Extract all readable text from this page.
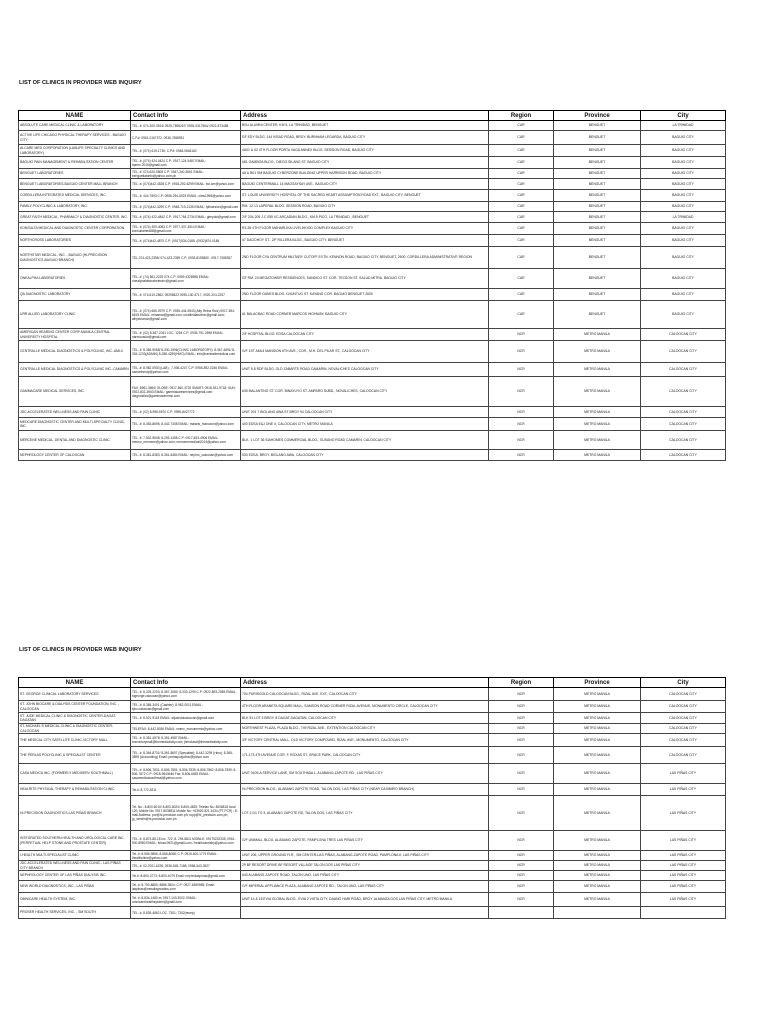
LIST OF CLINICS IN PROVIDER WEB INQUIRY
NAME	Contact Info	Address	Region	Province	City
ABSOLUTE CARE MEDICAL CLINIC & LABORATORY	TEL. #: 074-309-3914/ 0929-7895267/ 0935-9317964/ 0922-873488	BSU ALUMNI CENTER, KM 5, LA TRINIDAD, BENGUET	CAR	BENGUET	LA TRINIDAD
ACTIVE LIFE CHICAGO PHYSICAL THERAPY SERVICES - BAGUIO CITY	C.P.#: 0961-0167372, 0936-7658951	GF EDY BLDG. 144 KISAD ROAD, BRGY. BURNHAM LEGARDA, BAGUIO CITY	CAR	BENGUET	BAGUIO CITY
ALCARE MED CORPORATION (LABLIFE SPECIALTY CLINICS AND LABORATORY)	TEL. #: (074) 619-1736; C.P.#: 0948-0646162	4A01 & 02 4TH FLOOR PORTA VAGA ANNEX BLDG. SESSION ROAD, BAGUIO CITY	CAR	BENGUET	BAGUIO CITY
BAGUIO PAIN MANAGEMENT & REHABILITATION CENTER	TEL. #: (074) 424-0424 C.P: 0917-124-9487 EMAIL: bpmrc.2015@gmail.com	#81 GAMBOA BLDG., DIEGO SILANG ST. BAGUIO CITY	CAR	BENGUET	BAGUIO CITY
BENGUET LABORATORIES	TEL. #: 074-620-0808 C.P: 0947-340-3661 EMAIL: benguetlabinfo@yahoo.com.ph	4A & B01 SM BAGUIO CYBERZONE BUILDING UPPER HARRISON ROAD, BAGUIO CITY	CAR	BENGUET	BAGUIO CITY
BENGUET LABORATORIES-BAGUIO CENTER MALL BRANCH	TEL. #: (074)442-4528 C.P: 0916-292-6299 EMAIL: bcl.cm@yahoo.com	BAGUIO CENTERMALL 14 MAGSAYSAY AVE., BAGUIO CITY	CAR	BENGUET	BAGUIO CITY
CORDILLERA INTEGRATED MEDICAL SERVICES, INC.	TEL. #: 444-7693 C.P: 0956-294-6025 EMAIL: cims1998@yahoo.com	ST. LOUIS UNIVERSITY HOSPITAL OF THE SACRED HEART ASSUMPTION ROAD EXT., BAGUIO CITY, BENGUET	CAR	BENGUET	BAGUIO CITY
FAMILY POLYCLINIC & LABORATORY, INC.	TEL. #: (074)442-3299 C.P: 0948-719-2135 EMAIL: fplbaesion@gmail.com	RM. 12-13 LAPERAL BLDG. SESSION ROAD, BAGUIO CITY	CAR	BENGUET	BAGUIO CITY
GREAT FAITH MEDICAL, PHARMACY & DIAGNOSTIC CENTER, INC.	TEL. #: (074) 422-4842 C.P: 0917-764-2734 EMAIL: gfmpdci@gmail.com	2/F 204-205 J.C 055 VC ARCADIAN BLDG., KM.5 PICO, LA TRINIDAD , BENGUET	CAR	BENGUET	LA TRINIDAD
KONSULTA MEDICAL AND DIAGNOSTIC CENTER CORPORATION	TEL. #: (074) 309-4083 C.P: 0977-337-4510 EMAIL: konsultamed88@gmail.com	R1-35 4TH FLOOR MAHARLIKA LIVELIHOOD COMPLEX BAGUIO CITY	CAR	BENGUET	BAGUIO CITY
NORTHCROSS LABORATORIES	TEL. #: (074)442-4870 C.P: (0917)534-0185, (0932)874-0186	#7 DAGOHOY ST., 2/F RILLERA BLDG., BAGUIO CITY, BENGUET	CAR	BENGUET	BAGUIO CITY
NORTHSTAR MEDICAL, INC. - BAGUIO (HI-PRECISION DIAGNOSTICS-BAGUIO BRANCH)	TEL.074-423-2358/ 074-423-2359 C.P: 0933-8193880 ; 0917-7085357	2ND FLOOR CYA CENTRUM MILITARY CUTOFF EXTN. KENNON ROAD, BAGUIO CITY, BENGUET, 2600, CORDILLERA ADMINISTRATIVE REGION	CAR	BENGUET	BAGUIO CITY
ONEALPHA LABORATORIES	TEL. #: (74) 661-2225 074 C.P: 0909-4328958 EMAIL: onealphalaboratoriesinc@gmail.com	GF RM. 20 MEGATOWER RESIDENCES, SANDICO ST. COR. TECSON ST. SALUD MITRA, BAGUIO CITY	CAR	BENGUET	BAGUIO CITY
QA DIAGNOSTIC LABORATORY	TEL. #: 074-619-2862, 09298422 0935-130-4717, 0920-203-2257	2ND FLOOR DANES BLDG. CHUNTUG ST. KAYANG COR. BAGUIO BENGUET 2600	CAR	BENGUET	BAGUIO CITY
URR ALLIED LABORATORY CLINIC	TEL. #: (074) 665-0979 C.P: 0935-444-9543 (Atty Reina Ruiz) 0917-594-6615 EMAIL: reinamar@gmail.com; urralliedlabclinic@gmail.com; alhyeinaruiz@gmail.com	#1 BALACBAC ROAD CORNER MARCOS HIGHWAY, BAGUIO CITY	CAR	BENGUET	BAGUIO CITY
AMERICAN HEARING CENTER CORP-MANILA CENTRAL UNIVERSITY HOSPITAL	TEL. #: (02) 8-367-2031 LOC. 1254 C.P: 0935-791-2698 EMAIL: narmocasio@gmail.com	2/F HOSPITAL BLDG. EDSA CALOOCAN CITY	NCR	METRO MANILA	CALOOCAN CITY
CENTRALLE MEDICAL DIAGNOSTICS & POLYCLINIC, INC.-AMLII	TEL. #: 8-366-9068/ 8-330-1596(CLINIC LABORATORY); 8-367-4691/ 8-334-1233(ADMIN) 8-288-4259(HMO) EMAIL: info@centrallemedical.com	G/F 1ST AMLII MANSION 6TH AVE., COR., M.H. DEL PILAR ST., CALOOCAN CITY	NCR	METRO MANILA	CALOOCAN CITY
CENTRALLE MEDICAL DIAGNOSTICS & POLYCLINIC INC.-CAMARIN	TEL. #: 8-962-0930 (LAB) ; 7-006-4207 C.P: 0955-892-0246 EMAIL: camarinmdp@yahoo.com	UNIT 5-8 RDF BLDG. OLD ZABARTE ROAD CAMARIN, NOVALICHES CALOOCAN CITY	NCR	METRO MANILA	CALOOCAN CITY
GAMMACARE MEDICAL SERVICES, INC.	FAX: 8961-3664/ GLOBE: 0917-560-3725 SMART: 0918-931-9718; SUN: 0922-831-3963 EMAIL: gammacareservices@gmail.com; diagnostics@gammacaremsi.com	635 MALANTING ST. COR. BINAYUYO ST. AMPARO SUBD., NOVALICHES, CALOOCAN CITY	NCR	METRO MANILA	CALOOCAN CITY
JDC ACCELERATED WELLNESS AND PAIN CLINIC	TEL. #: (02) 8-998-5570 C.P: 0995-8427772	UNIT 201 7 BIGLANG AWA ST BRGY 94 CALOOCAN CITY	NCR	METRO MANILA	CALOOCAN CITY
MEDCARE DIAGNOSTIC CENTER AND MULTI-SPECIALTY CLINIC, INC.	TEL. #: 8-363-8696; 8-442-7308 EMAIL: malaris_manuzon@yahoo.com	400 EDSA E&J ONE II, CALOOCAN CITY, METRO MANILA	NCR	METRO MANILA	CALOOCAN CITY
MERCENE MEDICAL, DENTAL AND DIAGNOSTIC CLINIC	TEL. #: 7-502-9648; 8-293-1458 C.P: 0917-833-4906 EMAIL: mermz_mercene@yahoo.com; mercenemedical2014@yahoo.com	BLK. 1 LOT 36 SIAHOMES COMMERCIAL BLDG., SUSANO ROAD CAMARIN, CALOOCAN CITY	NCR	METRO MANILA	CALOOCAN CITY
NEPHROLOGY CENTER OF CALOOCAN	TEL. #: 8-361-8383; 8-361-8484 EMAIL: nephro_caloocan@yahoo.com	533 EDSA, BRGY. BIGLANG AWA, CALOOCAN CITY	NCR	METRO MANILA	CALOOCAN CITY
LIST OF CLINICS IN PROVIDER WEB INQUIRY
NAME	Contact Info	Address	Region	Province	City
ST. GEORGE CLINICAL LABORATORY SERVICES	TEL. #: 8-325-2203; 8-367-3083; 8-330-1299 C.P: 0922-893-2085 EMAIL: stgeorge.caloocan@yahoo.com	704 PURISGOLD CALOOCAN BLDG., RIZAL AVE. EXT., CALOOCAN CITY	NCR	METRO MANILA	CALOOCAN CITY
ST. JOHN BIOCARE & DIALYSIS CENTER FOUNDATION, INC. - CALOOCAN	TEL. #: 8-365-3401 (Cashier); 8-962-0011 EMAIL: sjbc.caloocan@gmail.com	4TH FLOOR ARANETA SQUARE MALL, SAMSON ROAD CORNER RIZAL AVENUE, MONUMENTO CIRCLE, CALOOCAN CITY	NCR	METRO MANILA	CALOOCAN CITY
ST. JUDE MEDICAL CLINIC & DIAGNOSTIC CENTER-DAGAT-DAGATAN	TEL. #: 8-921-9118 EMAIL: stjudeddcaloocan@gmail.com	BLK 51 LOT 3 BRGY. 8 DAGAT-DAGATAN, CALOOCAN CITY	NCR	METRO MANILA	CALOOCAN CITY
ST. MICHAEL'S MEDICAL CLINIC & DIAGNOSTIC CENTER- CALOOCAN	TELEFAX: 8-442-8036 EMAIL: smmc_monumento@yahoo.com	NORTHWEST PLAZA, PLAZA BLDG., 749 RIZAL AVE., EXTENTION CALOOCAN CITY	NCR	METRO MANILA	CALOOCAN CITY
THE MEDICAL CITY SATELLITE CLINIC-VICTORY MALL	TEL. #: 8-351-4978; 8-351-4987 EMAIL: tmcvictorymall@themedicalcity.com; jhmiclasd@themedicalcity.com	3/F VICTORY CENTRAL MALL, OLD VICTORY COMPOUND, RIZAL AVE., MONUMENTO, CALOOCAN CITY	NCR	METRO MANILA	CALOOCAN CITY
THE PERLAS POLYCLINIC & SPECIALIST CENTER	TEL. #: 8-364-8731/ 8-361-8607 (Specialist); 8-442-3295 (Hmo); 8-365-3895 (Accounting) Email: perlaspolyclinic@yahoo.com	171-173 4TH AVENUE COR. F. ROXAS ST. GRACE PARK, CALOOCAN CITY	NCR	METRO MANILA	CALOOCAN CITY
CASA MEDICA INC. (FORMERLY MEDISERV SOUTHMALL)	TEL. #: 8-806-7831; 8-806-7851; 8-806-7835; 8-806-7862; 8-806-7839; 8-806-7872 C.P: 0918-9643646 Fax: 8-806-6853 EMAIL: casamedicasouthmall@yahoo.com	UNIT 0105-A SERVICE LANE, SM SOUTHMALL, ALABANG-ZAPOTE RD., LAS PIÑAS CITY	NCR	METRO MANILA	LAS PIÑAS CITY
HEALRITE PHYSICAL THERAPY & REHABILITATION CLINIC	Tel.#: 8-772-6311	HI-PRECISION BLDG., ALABANG ZAPOTE ROAD, TALON DOS, LAS PIÑAS CITY (NEAR CASIMIRO BRANCH)	NCR	METRO MANILA	LAS PIÑAS CITY
HI-PRECISION DIAGNOSTICS-LAS PIÑAS BRANCH	Tel. No.: 8-800-6010/ 8-800-6024/ 8-805-4825; Telefax No: 8006818 local 120; Mobile No: 0917-8038811 Mobile No: +63920-821 3434 (PT-PCR) ; E-mail Address: por@hi-precision.com.ph; rupp@hi_precision.com.ph; jp_sendin@hi-precision.com.ph	LOT 2-D1 TO 3, ALABANG ZAPOTE RD, TALON DOS, LAS PIÑAS CITY	NCR	METRO MANILA	LAS PIÑAS CITY
INTEGRATED SOUTHERN HEALTH AND UROLOGICAL CARE INC. (PERPETUAL HELP STONE AND PROSTATE CENTER)	TEL. #: 8-874-85-15 loc: 722; 8- 294-8611 MOBILE: 09175232335; 0961-900-8980 EMAIL: ishucc0921@gmail.com / healthcareisby@yahoo.com	G/F UNIMALL BLDG. ALABANG ZAPOTE, PAMPLONA TRES LAS PIÑAS CITY	NCR	METRO MANILA	LAS PIÑAS CITY
I-HEALTH MULTI-SPECIALIST CLINIC	Tel. #: 8-556-9866; 8-556-8088; C.P: 0915-400-1779 EMAIL: ihealthclinic@yahoo.com	UNIT 206, UPPER GROUND FLR., SM CENTER-LAS PIÑAS, ALABANG-ZAPOTE ROAD, PAMPLONA II, LAS PIÑAS CITY	NCR	METRO MANILA	LAS PIÑAS CITY
JDC ACCELERATED WELLNESS AND PAIN CLINIC - LAS PIÑAS CITY BRANCH	TEL. #: 02-7001-6228; 0936-545-7168; 0968-543-3927	29 BF RESORT DRIVE BF RESORT VILLAGE TALON DOS LAS PIÑAS CITY	NCR	METRO MANILA	LAS PIÑAS CITY
NEPHROLOGY CENTER OF LAS PIÑAS DIALYSIS INC.	Tel.#: 8-800-3773; 8-800-4079 Email: nephrolaspinas@gmail.com	#40 ALABANG ZAPOTE ROAD, TALON UNO, LAS PIÑAS CITY	NCR	METRO MANILA	LAS PIÑAS CITY
NEW WORLD DIAGNOSTICS, INC.- LAS PIÑAS	Tel. #: 8-790-8865; 8886-3604; C.P: 0927-6369985; Email: laspinas@newdiagnostics.com	G/F IMPERIAL APPLIANCE PLAZA, ALABANG ZAPOTE RD., TALON UNO, LAS PIÑAS CITY	NCR	METRO MANILA	LAS PIÑAS CITY
OMNICARE HEALTH SYSTEM, INC.	Tel. #: 8-834-1480 m; 0917-143-3002; EMAIL: omnicarehealthsystem@gmail.com	UNIT 14 & 15 EVIA GLOBAL BLDG., EVIA 2 VISTA CITY, DAANG HARI ROAD, BRGY. ALMANZA DOS LAS PIÑAS CITY, METRO MANILA	NCR	METRO MANILA	LAS PIÑAS CITY
PROSER HEALTH SERVICES, INC. - SM SOUTH	TEL. #: 8-835-4862 LOC. 7301; 7302(recep)				
